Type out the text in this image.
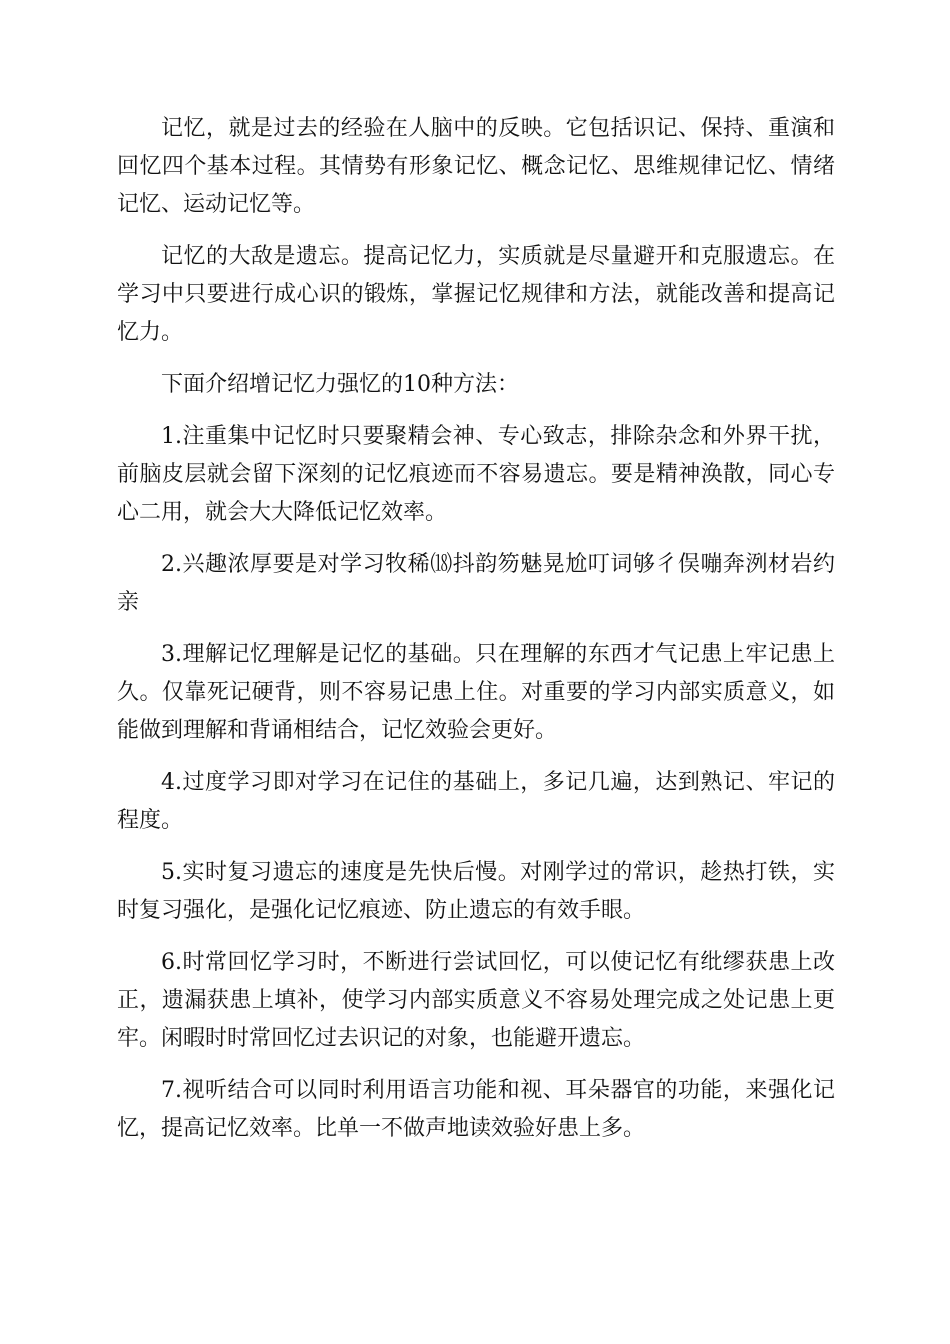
记忆，就是过去的经验在人脑中的反映。它包括识记、保持、重演和回忆四个基本过程。其情势有形象记忆、概念记忆、思维规律记忆、情绪记忆、运动记忆等。

记忆的大敌是遗忘。提高记忆力，实质就是尽量避开和克服遗忘。在学习中只要进行成心识的锻炼，掌握记忆规律和方法，就能改善和提高记忆力。

下面介绍增记忆力强忆的10种方法：

1.注重集中记忆时只要聚精会神、专心致志，排除杂念和外界干扰，前脑皮层就会留下深刻的记忆痕迹而不容易遗忘。要是精神涣散，同心专心二用，就会大大降低记忆效率。

2.兴趣浓厚要是对学习牧稀⒅抖韵笏魅晃尬叮词够彳俣嘣奔洌材岩约亲

3.理解记忆理解是记忆的基础。只在理解的东西才气记患上牢记患上久。仅靠死记硬背，则不容易记患上住。对重要的学习内部实质意义，如能做到理解和背诵相结合，记忆效验会更好。

4.过度学习即对学习在记住的基础上，多记几遍，达到熟记、牢记的程度。

5.实时复习遗忘的速度是先快后慢。对刚学过的常识，趁热打铁，实时复习强化，是强化记忆痕迹、防止遗忘的有效手眼。

6.时常回忆学习时，不断进行尝试回忆，可以使记忆有纰缪获患上改正，遗漏获患上填补，使学习内部实质意义不容易处理完成之处记患上更牢。闲暇时时常回忆过去识记的对象，也能避开遗忘。

7.视听结合可以同时利用语言功能和视、耳朵器官的功能，来强化记忆，提高记忆效率。比单一不做声地读效验好患上多。
